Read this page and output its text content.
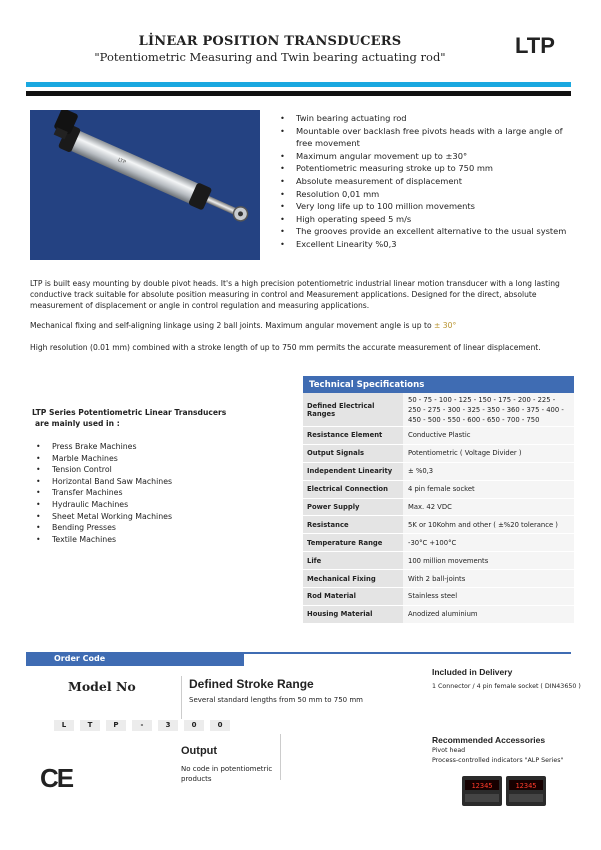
LİNEAR POSITION TRANSDUCERS
"Potentiometric Measuring and Twin bearing actuating rod"	LTP
LTP
• Twin bearing actuating rod
• Mountable over backlash free pivots heads with a large angle of free movement
• Maximum angular movement up to ±30°
• Potentiometric measuring stroke up to 750 mm
• Absolute measurement of displacement
• Resolution 0,01 mm
• Very long life up to 100 million movements
• High operating speed 5 m/s
• The grooves provide an excellent alternative to the usual system
• Excellent Linearity %0,3

LTP is built easy mounting by double pivot heads. It's a high precision potentiometric industrial linear motion transducer with a long lasting conductive track suitable for absolute position measuring in control and Measurement applications. Designed for the direct, absolute measurement of displacement or angle in control regulation and measuring applications.

Mechanical fixing and self-aligning linkage using 2 ball joints. Maximum angular movement angle is up to ± 30°

High resolution (0.01 mm) combined with a stroke length of up to 750 mm permits the accurate measurement of linear displacement.

LTP Series Potentiometric Linear Transducers
are mainly used in :
• Press Brake Machines
• Marble Machines
• Tension Control
• Horizontal Band Saw Machines
• Transfer Machines
• Hydraulic Machines
• Sheet Metal Working Machines
• Bending Presses
• Textile Machines
Technical Specifications
Defined Electrical Ranges
50 - 75 - 100 - 125 - 150 - 175 - 200 - 225 - 250 - 275 - 300 - 325 - 350 - 360 - 375 - 400 - 450 - 500 - 550 - 600 - 650 - 700 - 750
Resistance Element	Conductive Plastic
Output Signals	Potentiometric ( Voltage Divider )
Independent Linearity	± %0,3
Electrical Connection	4 pin female socket
Power Supply	Max. 42 VDC
Resistance	5K or 10Kohm and other ( ±%20 tolerance )
Temperature Range	-30°C +100°C
Life	100 million movements
Mechanical Fixing	With 2 ball-joints
Rod Material	Stainless steel
Housing Material	Anodized aluminium
Order Code
Model No	Defined Stroke Range
Several standard lengths from 50 mm to 750 mm
L	T	P	-	3	0	0
Output
No code in potentiometric products
CE
Included in Delivery
1 Connector / 4 pin female socket ( DIN43650 )
Recommended Accessories
Pivot head
Process-controlled indicators "ALP Series"
12345	12345
